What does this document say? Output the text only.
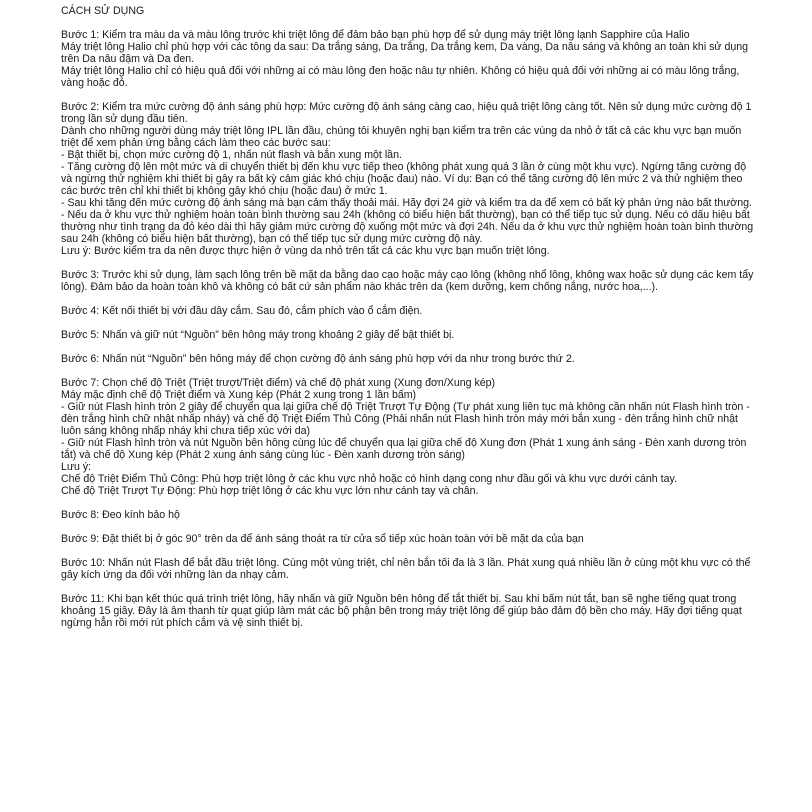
CÁCH SỬ DỤNG

Bước 1: Kiểm tra màu da và màu lông trước khi triệt lông để đảm bảo bạn phù hợp để sử dụng máy triệt lông lạnh Sapphire của Halio

Máy triệt lông Halio chỉ phù hợp với các tông da sau: Da trắng sáng, Da trắng, Da trắng kem, Da vàng, Da nâu sáng và không an toàn khi sử dụng trên Da nâu đậm và Da đen.

Máy triệt lông Halio chỉ có hiệu quả đối với những ai có màu lông đen hoặc nâu tự nhiên. Không có hiệu quả đối với những ai có màu lông trắng, vàng hoặc đỏ.

Bước 2: Kiểm tra mức cường độ ánh sáng phù hợp: Mức cường độ ánh sáng càng cao, hiệu quả triệt lông càng tốt. Nên sử dụng mức cường độ 1 trong lần sử dụng đầu tiên.

Dành cho những người dùng máy triệt lông IPL lần đầu, chúng tôi khuyên nghị bạn kiểm tra trên các vùng da nhỏ ở tất cả các khu vực bạn muốn triệt để xem phản ứng bằng cách làm theo các bước sau:

- Bật thiết bị, chọn mức cường độ 1, nhấn nút flash và bắn xung một lần.

- Tăng cường độ lên một mức và di chuyển thiết bị đến khu vực tiếp theo (không phát xung quá 3 lần ở cùng một khu vực). Ngừng tăng cường độ và ngừng thử nghiệm khi thiết bị gây ra bất kỳ cảm giác khó chịu (hoặc đau) nào. Ví dụ: Bạn có thể tăng cường độ lên mức 2 và thử nghiệm theo các bước trên chỉ khi thiết bị không gây khó chịu (hoặc đau) ở mức 1.

- Sau khi tăng đến mức cường độ ánh sáng mà bạn cảm thấy thoải mái. Hãy đợi 24 giờ và kiểm tra da để xem có bất kỳ phản ứng nào bất thường.

- Nếu da ở khu vực thử nghiệm hoàn toàn bình thường sau 24h (không có biểu hiện bất thường), bạn có thể tiếp tục sử dụng. Nếu có dấu hiệu bất thường như tình trạng da đỏ kéo dài thì hãy giảm mức cường độ xuống một mức và đợi 24h. Nếu da ở khu vực thử nghiệm hoàn toàn bình thường sau 24h (không có biểu hiện bất thường), bạn có thể tiếp tục sử dụng mức cường độ này.

Lưu ý: Bước kiểm tra da nên được thực hiện ở vùng da nhỏ trên tất cả các khu vực bạn muốn triệt lông.

Bước 3: Trước khi sử dụng, làm sạch lông trên bề mặt da bằng dao cạo hoặc máy cạo lông (không nhổ lông, không wax hoặc sử dụng các kem tẩy lông). Đảm bảo da hoàn toàn khô và không có bất cứ sản phẩm nào khác trên da (kem dưỡng, kem chống nắng, nước hoa,...).

Bước 4: Kết nối thiết bị với đầu dây cắm. Sau đó, cắm phích vào ổ cắm điện.

Bước 5: Nhấn và giữ nút “Nguồn” bên hông máy trong khoảng 2 giây để bật thiết bị.

Bước 6: Nhấn nút “Nguồn” bên hông máy để chọn cường độ ánh sáng phù hợp với da như trong bước thứ 2.

Bước 7: Chọn chế độ Triệt (Triệt trượt/Triệt điểm) và chế độ phát xung (Xung đơn/Xung kép)

Máy mặc định chế độ Triệt điểm và Xung kép (Phát 2 xung trong 1 lần bấm)

- Giữ nút Flash hình tròn 2 giây để chuyển qua lại giữa chế độ Triệt Trượt Tự Động (Tự phát xung liên tục mà không cần nhấn nút Flash hình tròn - đèn trắng hình chữ nhật nhấp nháy) và chế độ Triệt Điểm Thủ Công (Phải nhấn nút Flash hình tròn máy mới bắn xung - đèn trắng hình chữ nhật luôn sáng không nhấp nháy khi chưa tiếp xúc với da)

- Giữ nút Flash hình tròn và nút Nguồn bên hông cùng lúc để chuyển qua lại giữa chế độ Xung đơn (Phát 1 xung ánh sáng - Đèn xanh dương tròn tắt) và chế độ Xung kép (Phát 2 xung ánh sáng cùng lúc - Đèn xanh dương tròn sáng)

Lưu ý:

Chế độ Triệt Điểm Thủ Công: Phù hợp triệt lông ở các khu vực nhỏ hoặc có hình dạng cong như đầu gối và khu vực dưới cánh tay.

Chế độ Triệt Trượt Tự Động: Phù hợp triệt lông ở các khu vực lớn như cánh tay và chân.

Bước 8: Đeo kính bảo hộ

Bước 9: Đặt thiết bị ở góc 90° trên da để ánh sáng thoát ra từ cửa sổ tiếp xúc hoàn toàn với bề mặt da của bạn

Bước 10: Nhấn nút Flash để bắt đầu triệt lông. Cùng một vùng triệt, chỉ nên bắn tối đa là 3 lần. Phát xung quá nhiều lần ở cùng một khu vực có thể gây kích ứng da đối với những làn da nhạy cảm.

Bước 11: Khi bạn kết thúc quá trình triệt lông, hãy nhấn và giữ Nguồn bên hông để tắt thiết bị. Sau khi bấm nút tắt, bạn sẽ nghe tiếng quạt trong khoảng 15 giây. Đây là âm thanh từ quạt giúp làm mát các bộ phận bên trong máy triệt lông để giúp bảo đảm độ bền cho máy. Hãy đợi tiếng quạt ngừng hẳn rồi mới rút phích cắm và vệ sinh thiết bị.
